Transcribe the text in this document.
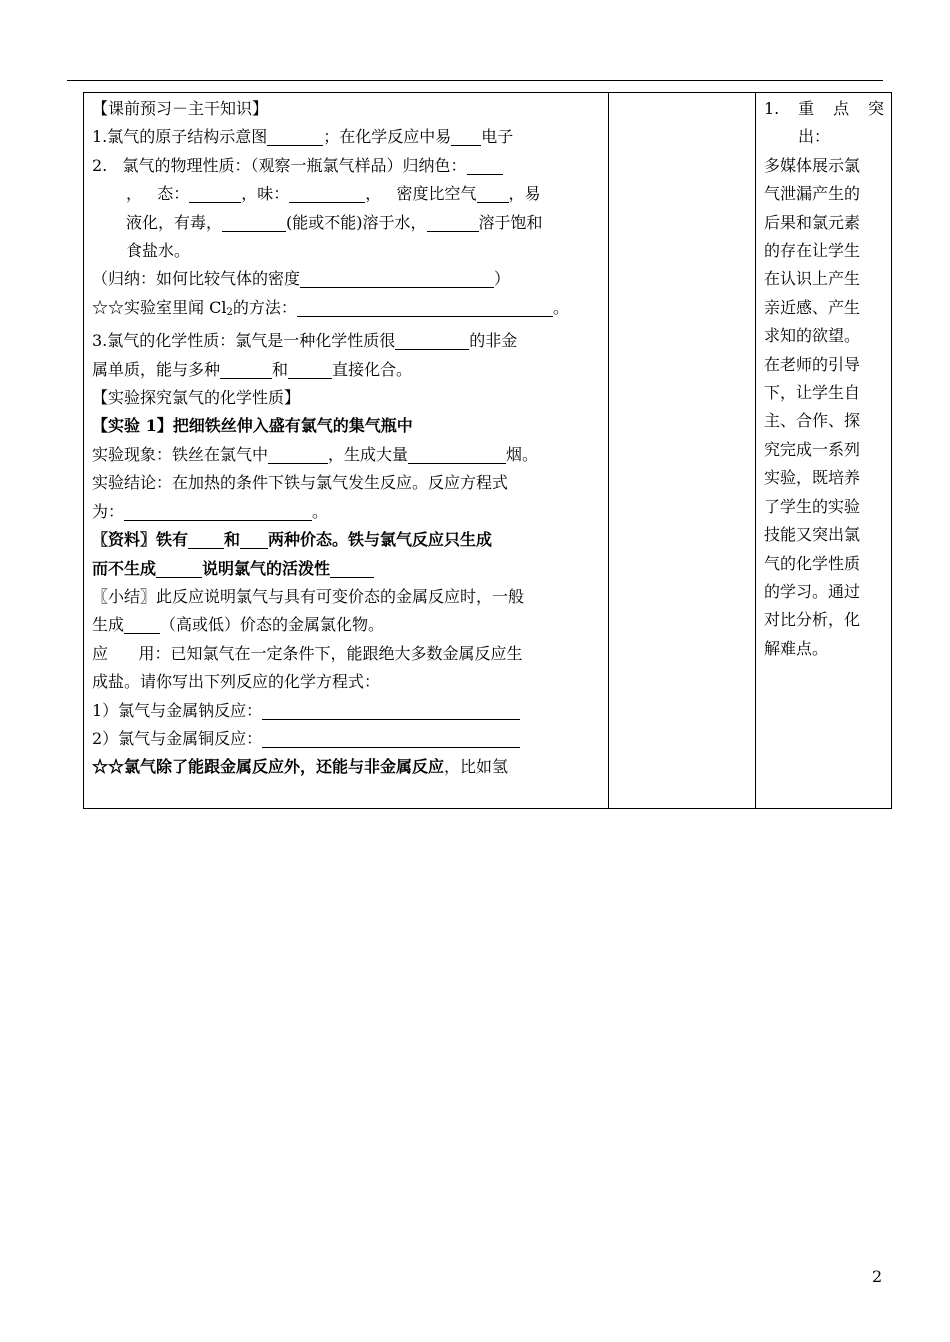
【课前预习－主干知识】
1.氯气的原子结构示意图	；在化学反应中易 电子
2.   氯气的物理性质：（观察一瓶氯气样品）归纳色：
，   态：	，味：	，   密度比空气 ，易
液化，有毒，	(能或不能)溶于水，	溶于饱和
食盐水。
（归纳：如何比较气体的密度	）
☆☆实验室里闻 $Cl_2$的方法：	。
3.氯气的化学性质：氯气是一种化学性质很	的非金
属单质，能与多种	和	直接化合。
【实验探究氯气的化学性质】
【实验 1】把细铁丝伸入盛有氯气的集气瓶中
实验现象：铁丝在氯气中	，生成大量	烟。
实验结论：在加热的条件下铁与氯气发生反应。反应方程式
为：	。
〖资料〗铁有 和 两种价态。铁与氯气反应只生成
而不生成	说明氯气的活泼性
〖小结〗此反应说明氯气与具有可变价态的金属反应时，一般
生成 （高或低）价态的金属氯化物。
应      用：已知氯气在一定条件下，能跟绝大多数金属反应生
成盐。请你写出下列反应的化学方程式：
1）氯气与金属钠反应：
2）氯气与金属铜反应：
☆☆氯气除了能跟金属反应外，还能与非金属反应，比如氢
1. 重 点 突
出：
多媒体展示氯
气泄漏产生的
后果和氯元素
的存在让学生
在认识上产生
亲近感、产生
求知的欲望。
在老师的引导
下，让学生自
主、合作、探
究完成一系列
实验，既培养
了学生的实验
技能又突出氯
气的化学性质
的学习。通过
对比分析，化
解难点。
2
